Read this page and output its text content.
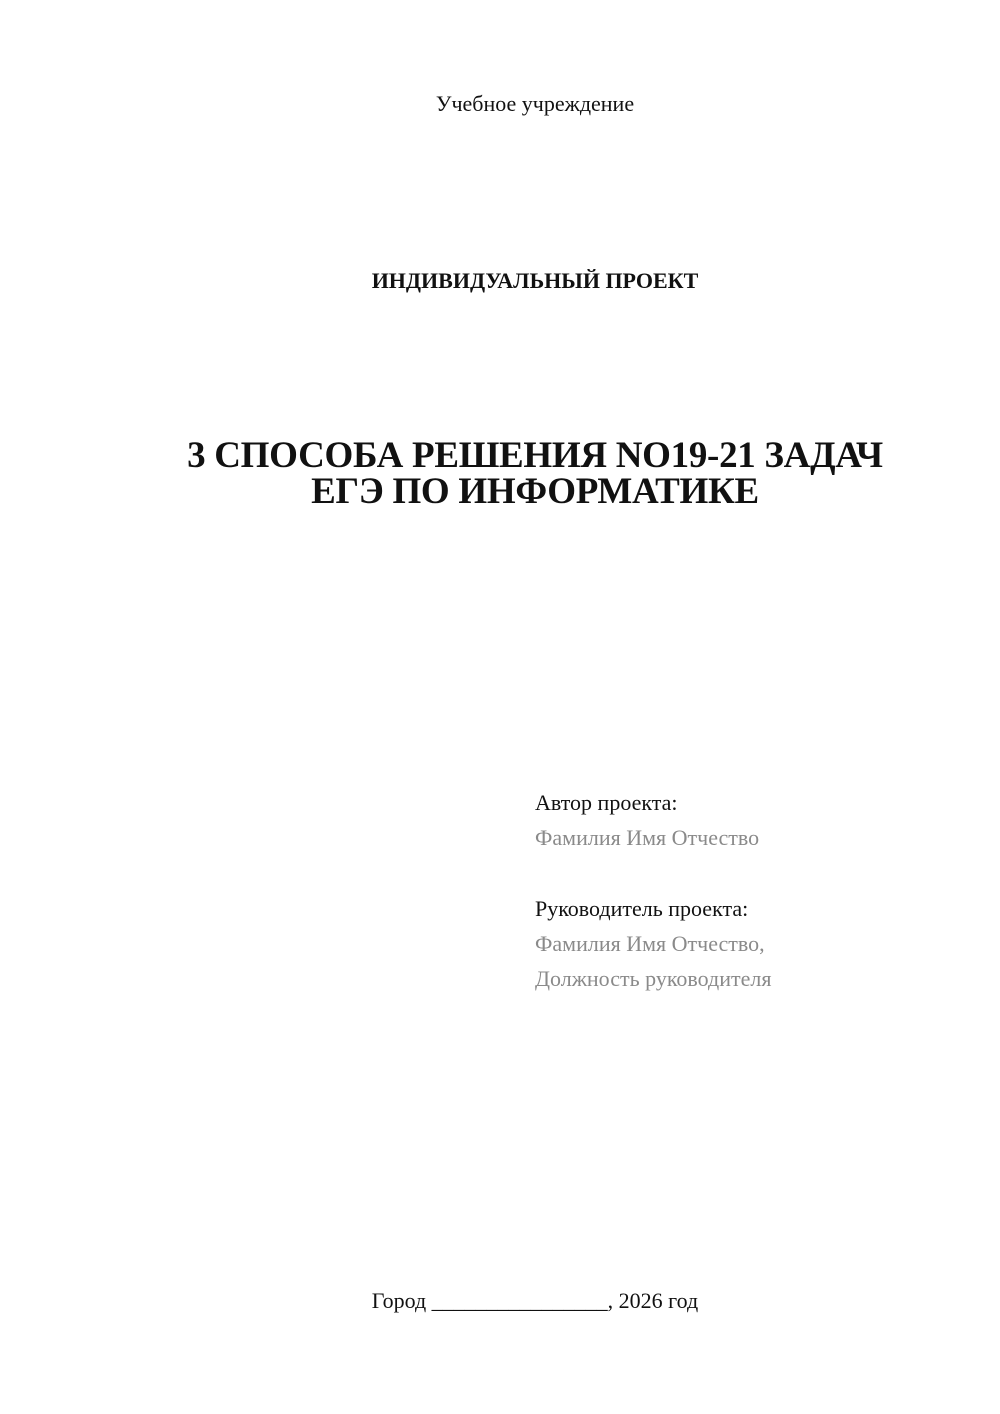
Учебное учреждение
ИНДИВИДУАЛЬНЫЙ ПРОЕКТ
3 СПОСОБА РЕШЕНИЯ NO19-21 ЗАДАЧ
ЕГЭ ПО ИНФОРМАТИКЕ
Автор проекта:
Фамилия Имя Отчество
Руководитель проекта:
Фамилия Имя Отчество,
Должность руководителя
Город ________________, 2026 год
